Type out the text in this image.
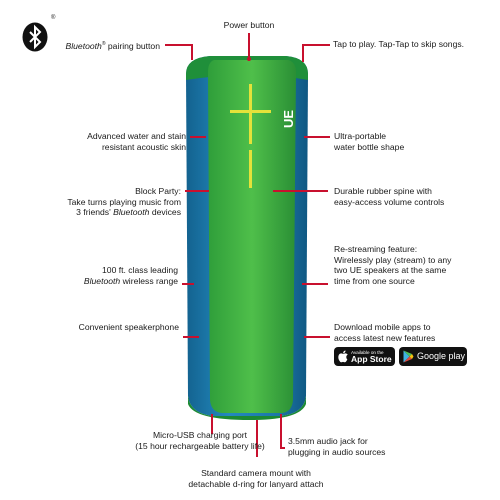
®
UE
Power button
Bluetooth® pairing button	Tap to play. Tap-Tap to skip songs.
Advanced water and stain
resistant acoustic skin
Ultra-portable
water bottle shape
Block Party:
Take turns playing music from
3 friends' Bluetooth devices
Durable rubber spine with
easy-access volume controls
100 ft. class leading
Bluetooth wireless range
Re-streaming feature:
Wirelessly play (stream) to any
two UE speakers at the same
time from one source
Convenient speakerphone	Download mobile apps to
access latest new features
Available on the
App Store	Google play
Micro-USB charging port
(15 hour rechargeable battery life)	3.5mm audio jack for
plugging in audio sources
Standard camera mount with
detachable d-ring for lanyard attach
